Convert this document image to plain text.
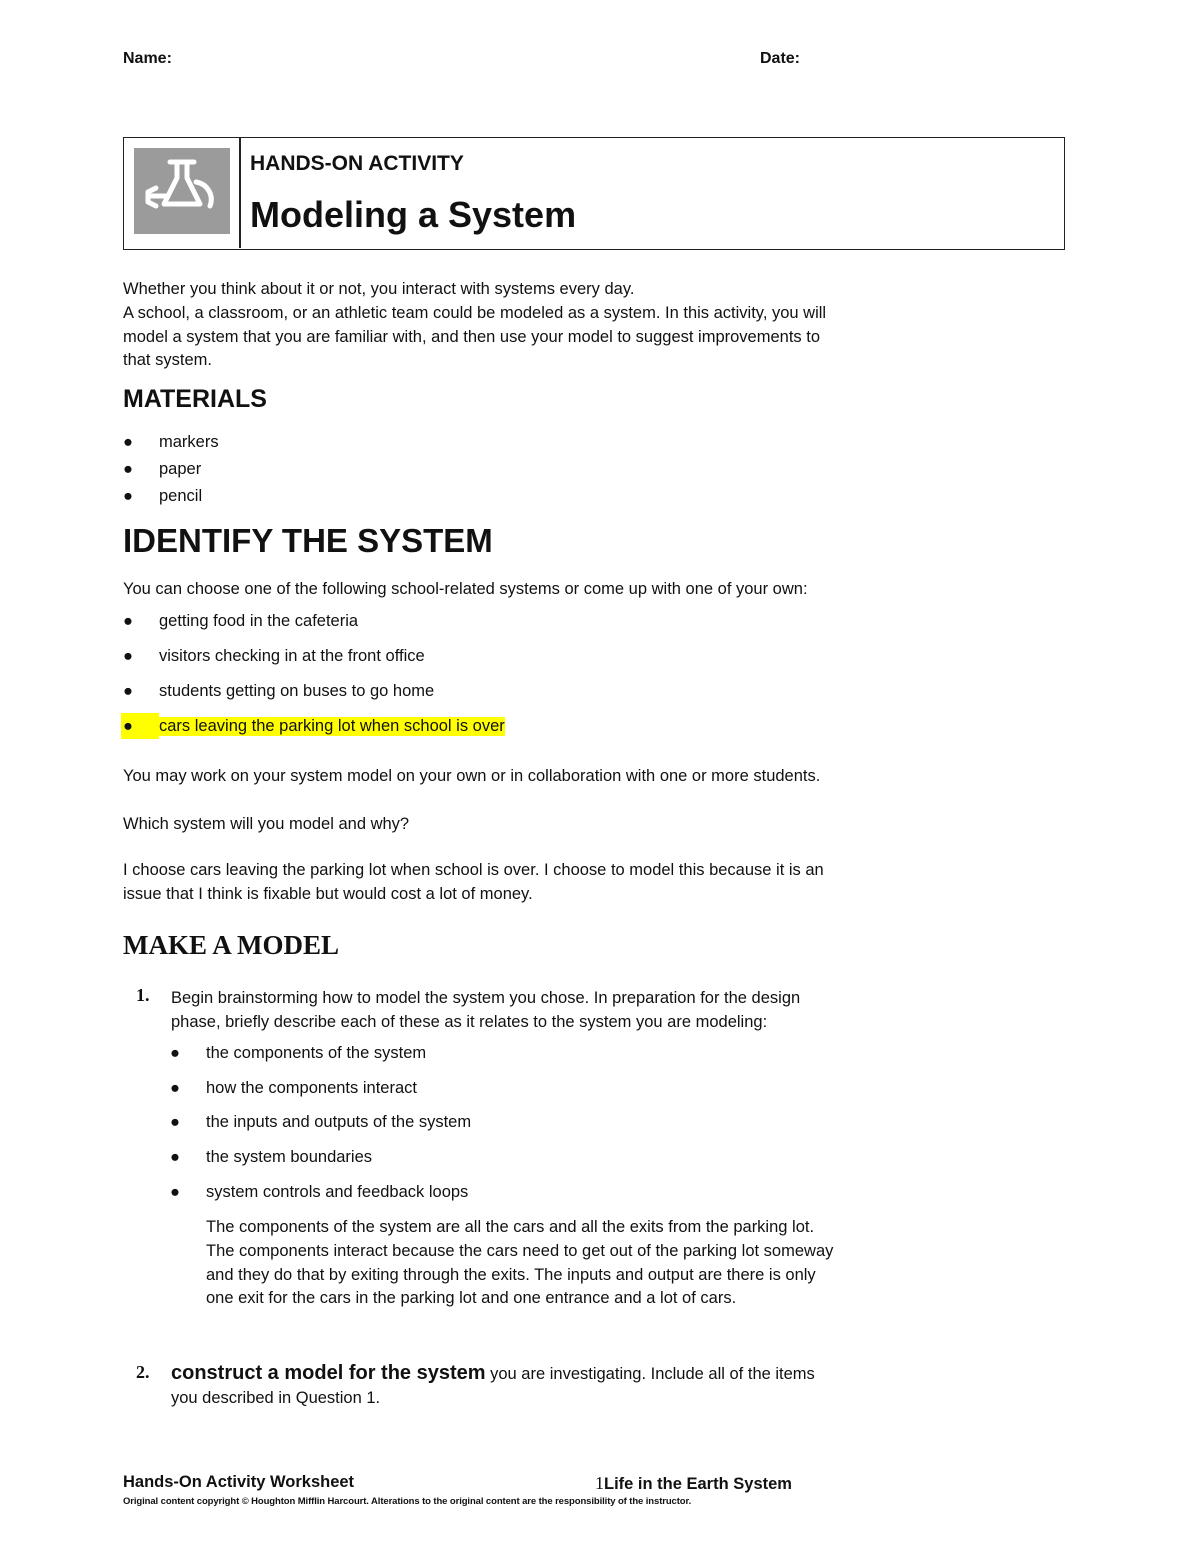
Name:	Date:
HANDS-ON ACTIVITY
Modeling a System
Whether you think about it or not, you interact with systems every day.
A school, a classroom, or an athletic team could be modeled as a system. In this activity, you will
model a system that you are familiar with, and then use your model to suggest improvements to
that system.
MATERIALS
● markers
● paper
● pencil
IDENTIFY THE SYSTEM
You can choose one of the following school-related systems or come up with one of your own:
● getting food in the cafeteria
● visitors checking in at the front office
● students getting on buses to go home
● cars leaving the parking lot when school is over
You may work on your system model on your own or in collaboration with one or more students.
Which system will you model and why?
I choose cars leaving the parking lot when school is over. I choose to model this because it is an
issue that I think is fixable but would cost a lot of money.
MAKE A MODEL
1. Begin brainstorming how to model the system you chose. In preparation for the design
phase, briefly describe each of these as it relates to the system you are modeling:
● the components of the system
● how the components interact
● the inputs and outputs of the system
● the system boundaries
● system controls and feedback loops
The components of the system are all the cars and all the exits from the parking lot.
The components interact because the cars need to get out of the parking lot someway
and they do that by exiting through the exits. The inputs and output are there is only
one exit for the cars in the parking lot and one entrance and a lot of cars.
2. construct a model for the system you are investigating. Include all of the items
you described in Question 1.
Hands-On Activity Worksheet	1Life in the Earth System
Original content copyright © Houghton Mifflin Harcourt. Alterations to the original content are the responsibility of the instructor.
